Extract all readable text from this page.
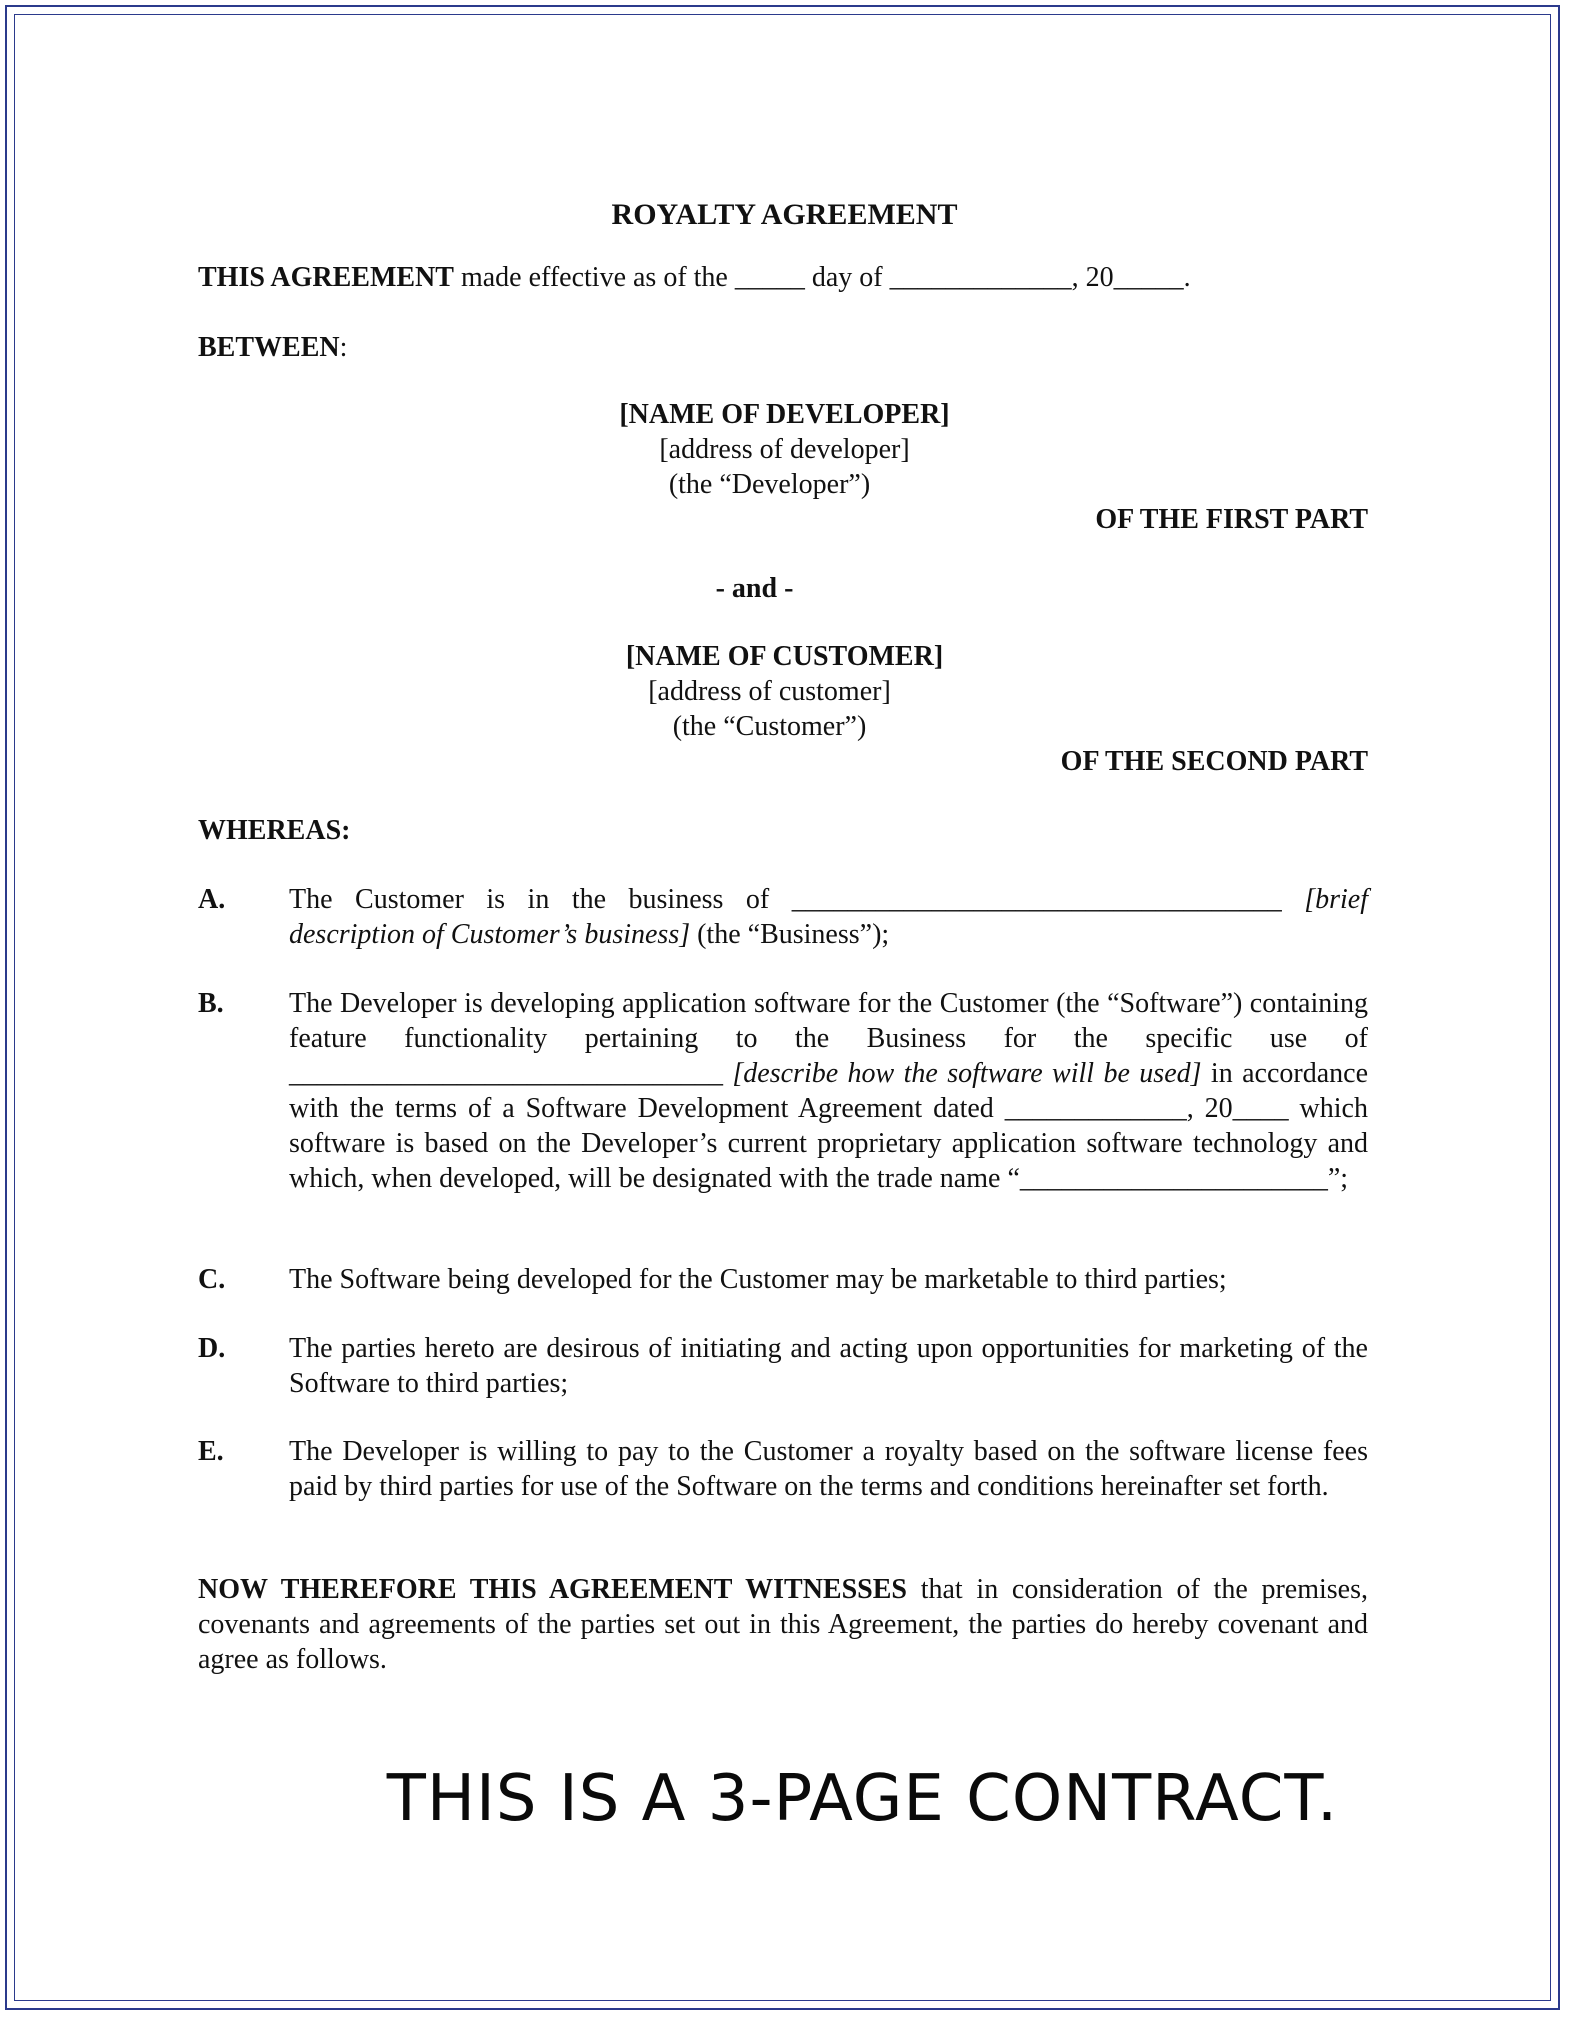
ROYALTY AGREEMENT
THIS AGREEMENT made effective as of the _____ day of _____________, 20_____.
BETWEEN:
[NAME OF DEVELOPER]
[address of developer]
(the “Developer”)
OF THE FIRST PART
- and -
[NAME OF CUSTOMER]
[address of customer]
(the “Customer”)
OF THE SECOND PART
WHEREAS:
A.	The Customer is in the business of ___________________________________ [brief description of Customer’s business] (the “Business”);
B.	The Developer is developing application software for the Customer (the “Software”) containing feature functionality pertaining to the Business for the specific use of _______________________________ [describe how the software will be used] in accordance with the terms of a Software Development Agreement dated _____________, 20____ which software is based on the Developer’s current proprietary application software technology and which, when developed, will be designated with the trade name “______________________”;
C.	The Software being developed for the Customer may be marketable to third parties;
D.	The parties hereto are desirous of initiating and acting upon opportunities for marketing of the Software to third parties;
E.	The Developer is willing to pay to the Customer a royalty based on the software license fees paid by third parties for use of the Software on the terms and conditions hereinafter set forth.
NOW THEREFORE THIS AGREEMENT WITNESSES that in consideration of the premises, covenants and agreements of the parties set out in this Agreement, the parties do hereby covenant and agree as follows.
THIS IS A 3-PAGE CONTRACT.
